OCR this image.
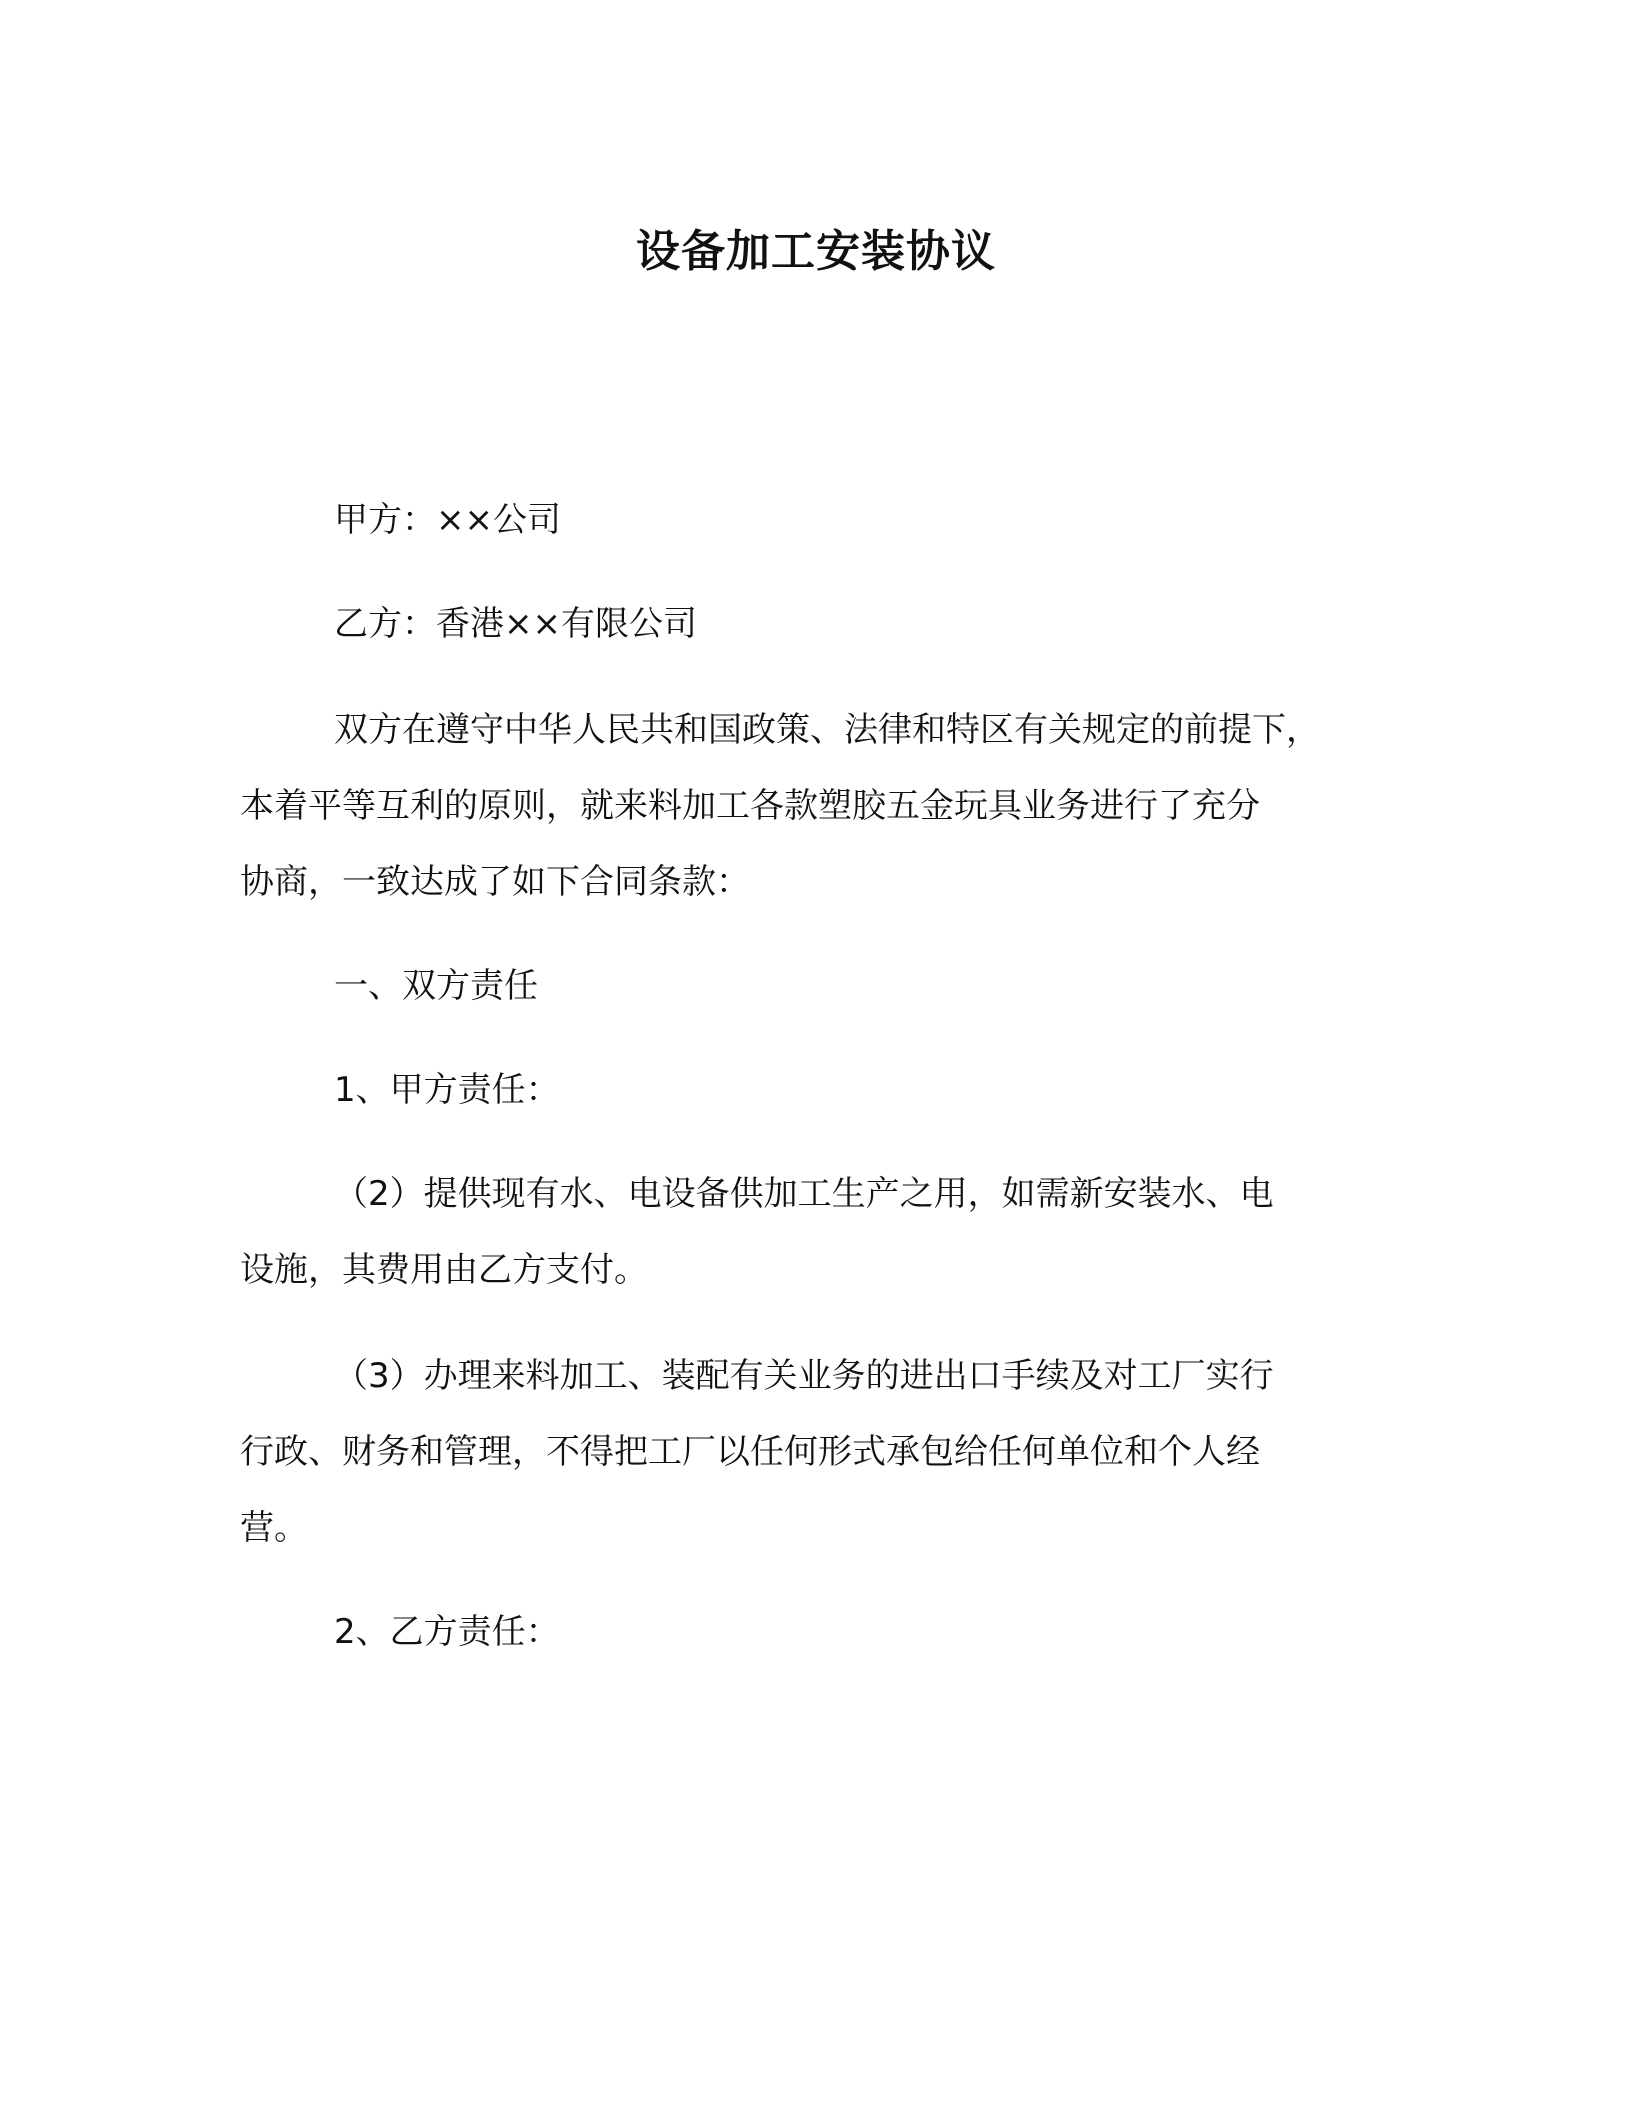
设备加工安装协议
甲方：××公司
乙方：香港××有限公司
双方在遵守中华人民共和国政策、法律和特区有关规定的前提下，
本着平等互利的原则，就来料加工各款塑胶五金玩具业务进行了充分
协商，一致达成了如下合同条款：
一、双方责任
1、甲方责任：
（2）提供现有水、电设备供加工生产之用，如需新安装水、电
设施，其费用由乙方支付。
（3）办理来料加工、装配有关业务的进出口手续及对工厂实行
行政、财务和管理，不得把工厂以任何形式承包给任何单位和个人经
营。
2、乙方责任：
